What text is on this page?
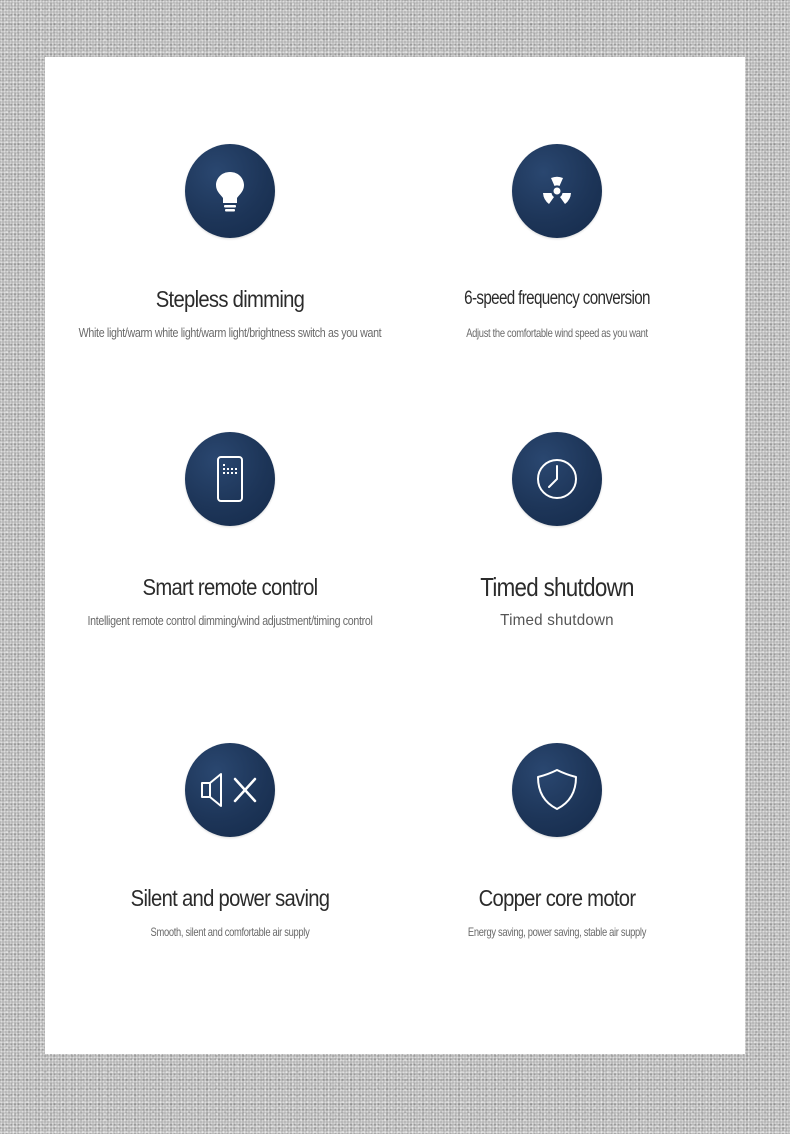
Stepless dimming
White light/warm white light/warm light/brightness switch as you want
6-speed frequency conversion
Adjust the comfortable wind speed as you want
Smart remote control
Intelligent remote control dimming/wind adjustment/timing control
Timed shutdown
Timed shutdown
Silent and power saving
Smooth, silent and comfortable air supply
Copper core motor
Energy saving, power saving, stable air supply
